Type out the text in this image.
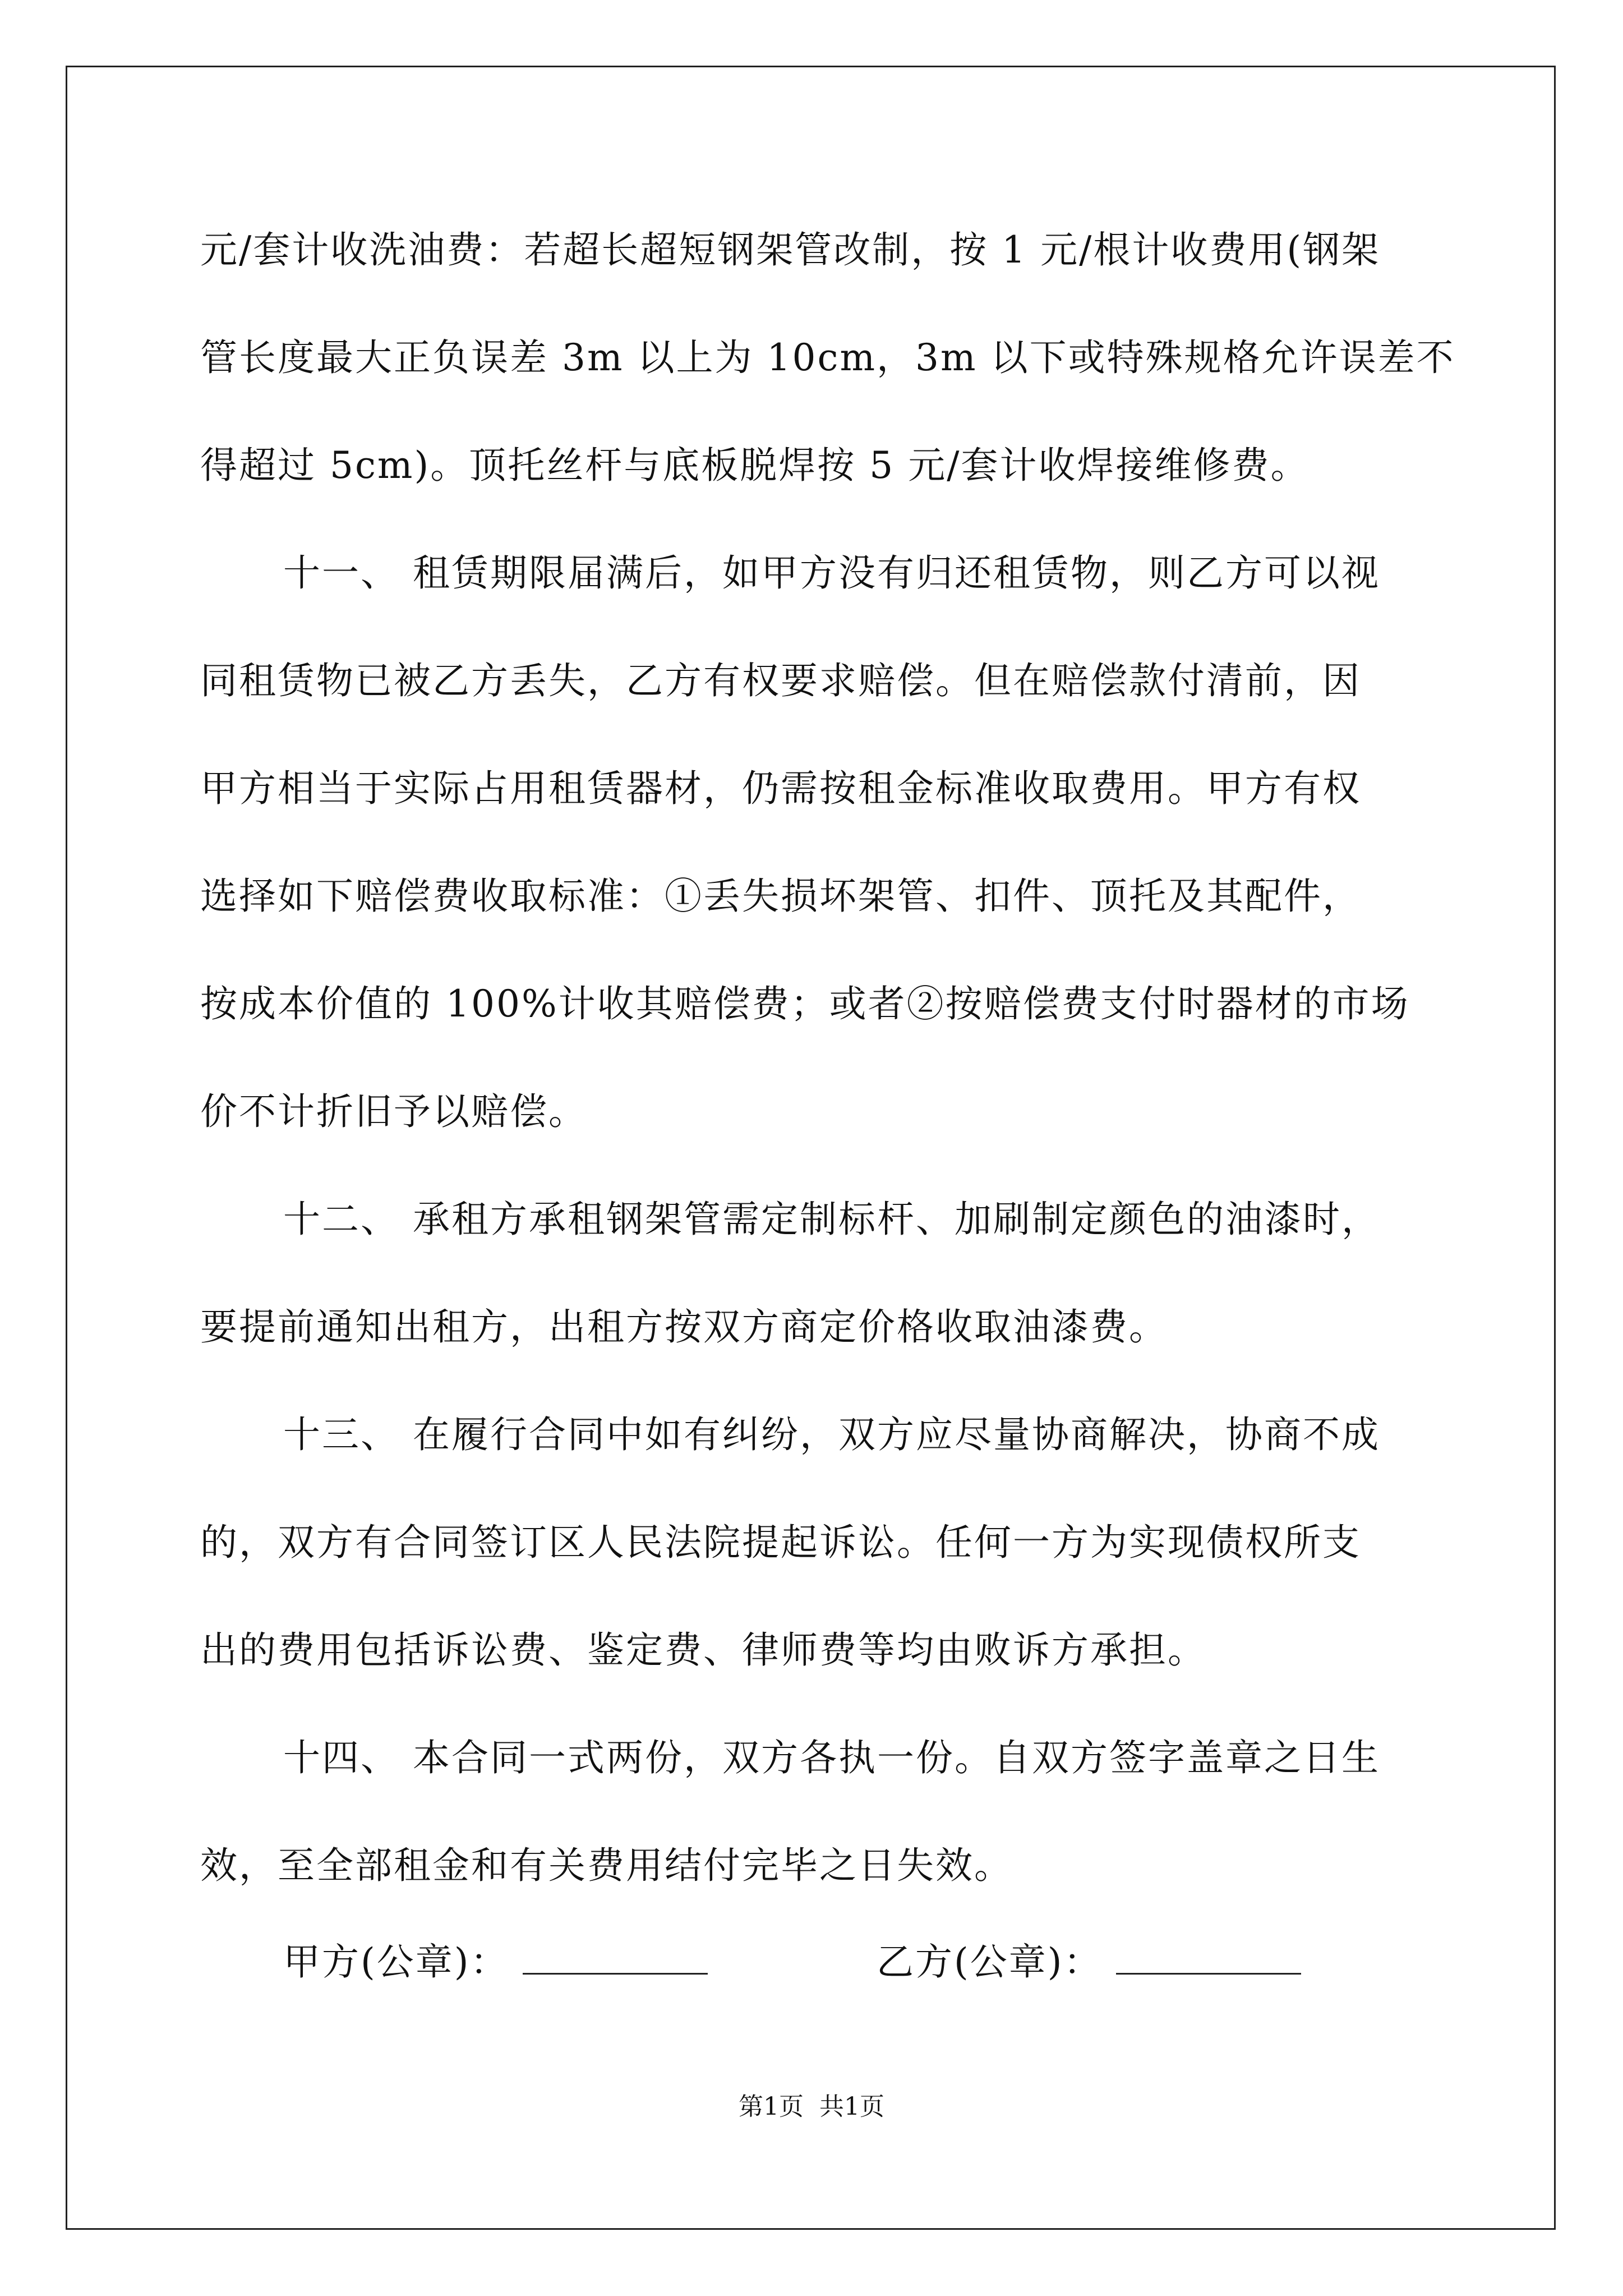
元/套计收洗油费：若超长超短钢架管改制，按 1 元/根计收费用(钢架
管长度最大正负误差 3m 以上为 10cm，3m 以下或特殊规格允许误差不
得超过 5cm)。顶托丝杆与底板脱焊按 5 元/套计收焊接维修费。
十一、 租赁期限届满后，如甲方没有归还租赁物，则乙方可以视
同租赁物已被乙方丢失，乙方有权要求赔偿。但在赔偿款付清前，因
甲方相当于实际占用租赁器材，仍需按租金标准收取费用。甲方有权
选择如下赔偿费收取标准：①丢失损坏架管、扣件、顶托及其配件，
按成本价值的 100%计收其赔偿费；或者②按赔偿费支付时器材的市场
价不计折旧予以赔偿。
十二、 承租方承租钢架管需定制标杆、加刷制定颜色的油漆时，
要提前通知出租方，出租方按双方商定价格收取油漆费。
十三、 在履行合同中如有纠纷，双方应尽量协商解决，协商不成
的，双方有合同签订区人民法院提起诉讼。任何一方为实现债权所支
出的费用包括诉讼费、鉴定费、律师费等均由败诉方承担。
十四、 本合同一式两份，双方各执一份。自双方签字盖章之日生
效，至全部租金和有关费用结付完毕之日失效。
甲方(公章)：	乙方(公章)：
第1页 共1页
